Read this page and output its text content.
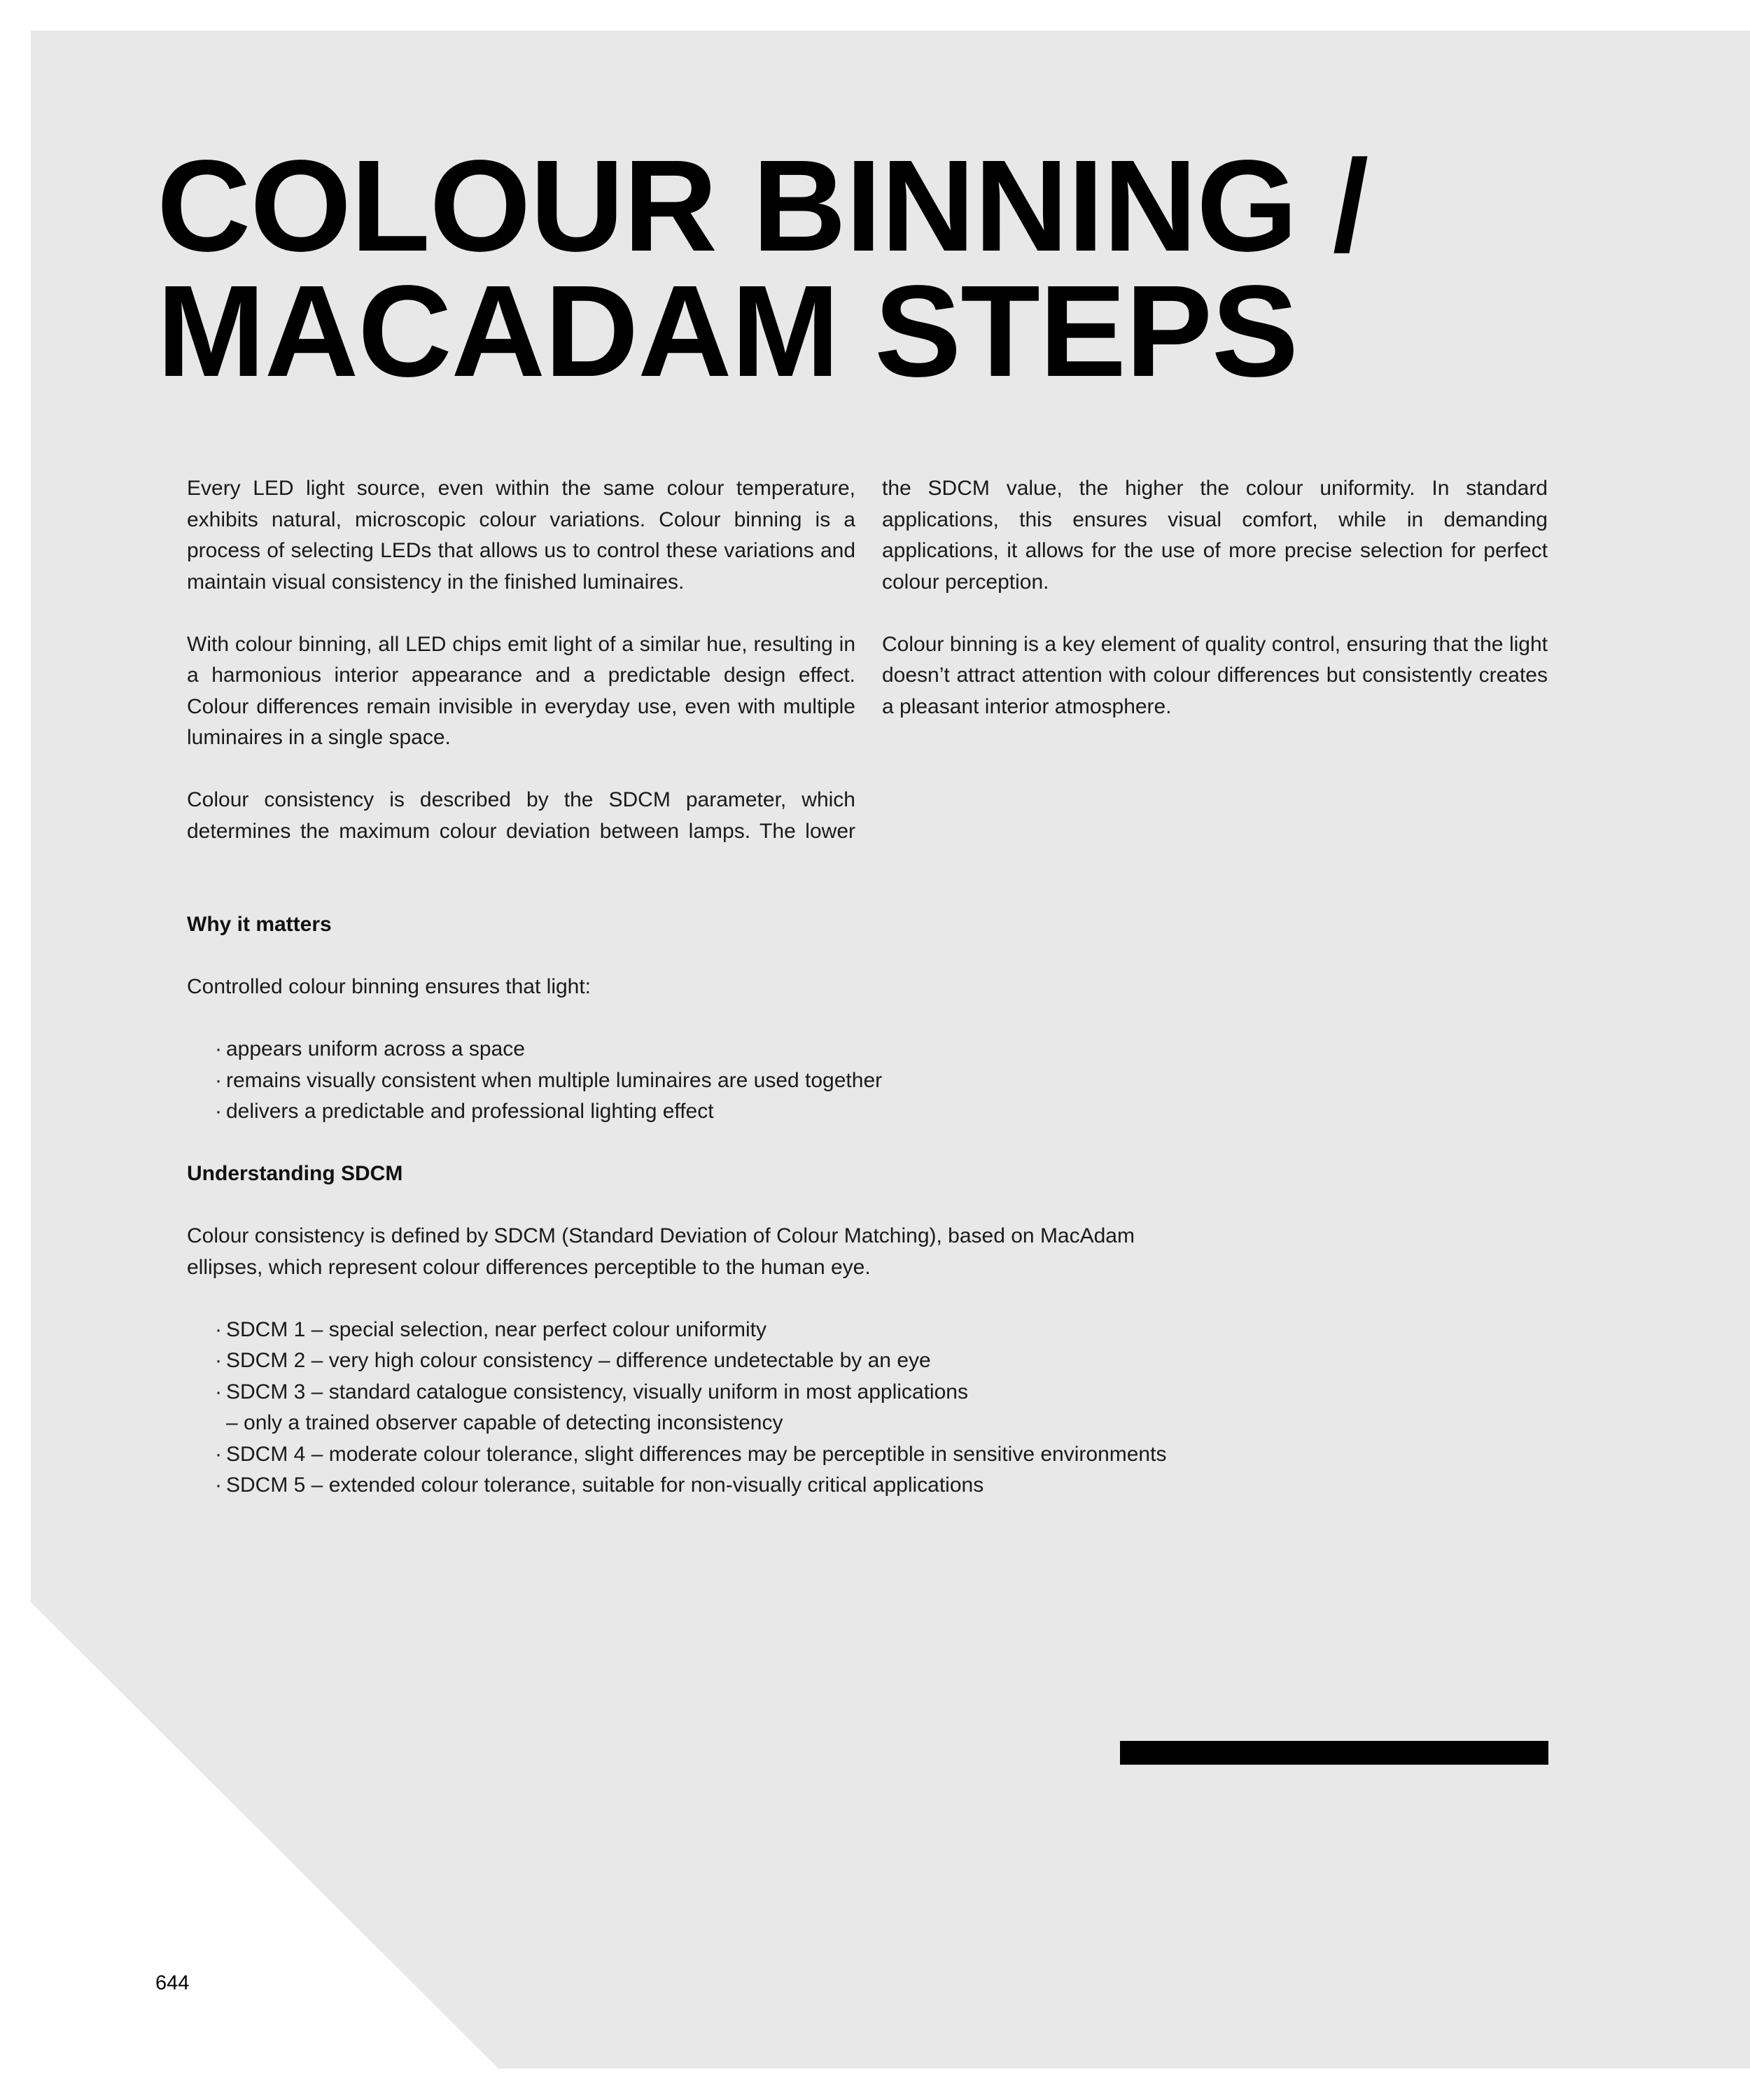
COLOUR BINNING /
MACADAM STEPS

Every LED light source, even within the same colour temperature, exhibits natural, microscopic colour variations. Colour binning is a process of selecting LEDs that allows us to control these variations and maintain visual consistency in the finished luminaires.

With colour binning, all LED chips emit light of a similar hue, resulting in a harmonious interior appearance and a predictable design effect. Colour differences remain invisible in everyday use, even with multiple luminaires in a single space.

Colour consistency is described by the SDCM parameter, which determines the maximum colour deviation between lamps. The lower

the SDCM value, the higher the colour uniformity. In standard applications, this ensures visual comfort, while in demanding applications, it allows for the use of more precise selection for perfect colour perception.

Colour binning is a key element of quality control, ensuring that the light doesn’t attract attention with colour differences but consistently creates a pleasant interior atmosphere.

Why it matters

Controlled colour binning ensures that light:

· appears uniform across a space
· remains visually consistent when multiple luminaires are used together
· delivers a predictable and professional lighting effect
Understanding SDCM

Colour consistency is defined by SDCM (Standard Deviation of Colour Matching), based on MacAdam ellipses, which represent colour differences perceptible to the human eye.

· SDCM 1 – special selection, near perfect colour uniformity
· SDCM 2 – very high colour consistency – difference undetectable by an eye
· SDCM 3 – standard catalogue consistency, visually uniform in most applications
– only a trained observer capable of detecting inconsistency
· SDCM 4 – moderate colour tolerance, slight differences may be perceptible in sensitive environments
· SDCM 5 – extended colour tolerance, suitable for non-visually critical applications
644
